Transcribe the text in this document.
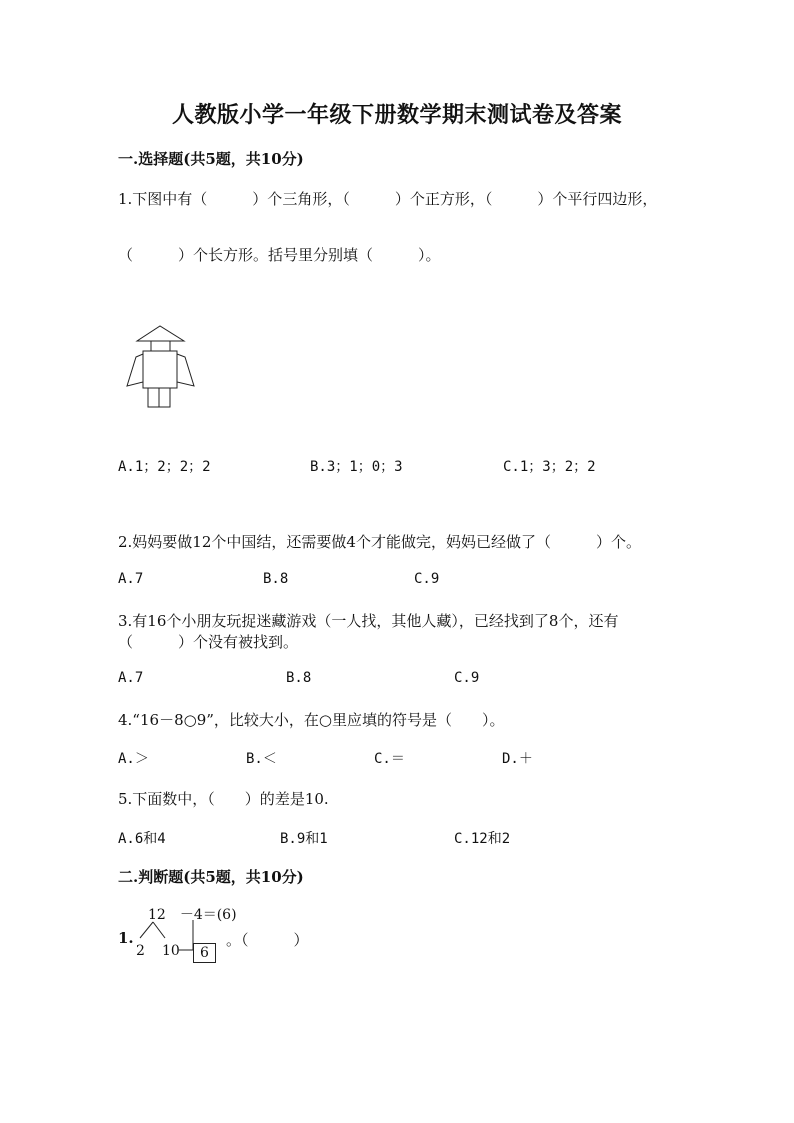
人教版小学一年级下册数学期末测试卷及答案
一.选择题(共5题，共10分)
1.下图中有（　　　）个三角形，（　　　）个正方形，（　　　）个平行四边形，
（　　　）个长方形。括号里分别填（　　　）。
A.1；2；2；2	B.3；1；0；3	C.1；3；2；2
2.妈妈要做12个中国结，还需要做4个才能做完，妈妈已经做了（　　　）个。
A.7	B.8	C.9
3.有16个小朋友玩捉迷藏游戏（一人找，其他人藏），已经找到了8个，还有
（　　　）个没有被找到。
A.7	B.8	C.9
4.“16－8○9”，比较大小，在○里应填的符号是（　　）。
A.＞	B.＜	C.＝	D.＋
5.下面数中，（　　）的差是10.
A.6和4	B.9和1	C.12和2
二.判断题(共5题，共10分)
1.
12　－4＝(6)
2 10	6
。（　　　）
